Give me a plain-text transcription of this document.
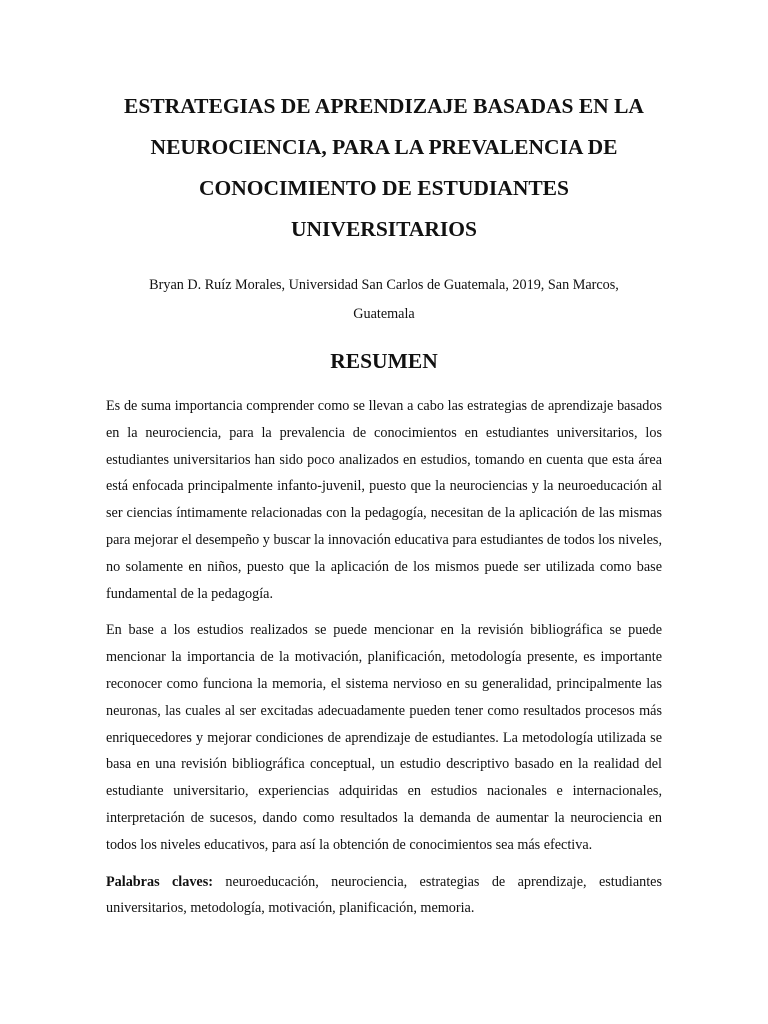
ESTRATEGIAS DE APRENDIZAJE BASADAS EN LA
NEUROCIENCIA, PARA LA PREVALENCIA DE
CONOCIMIENTO DE ESTUDIANTES
UNIVERSITARIOS

Bryan D. Ruíz Morales, Universidad San Carlos de Guatemala, 2019, San Marcos,
Guatemala

RESUMEN

Es de suma importancia comprender como se llevan a cabo las estrategias de aprendizaje basados en la neurociencia, para la prevalencia de conocimientos en estudiantes universitarios, los estudiantes universitarios han sido poco analizados en estudios, tomando en cuenta que esta área está enfocada principalmente infanto-juvenil, puesto que la neurociencias y la neuroeducación al ser ciencias íntimamente relacionadas con la pedagogía, necesitan de la aplicación de las mismas para mejorar el desempeño y buscar la innovación educativa para estudiantes de todos los niveles, no solamente en niños, puesto que la aplicación de los mismos puede ser utilizada como base fundamental de la pedagogía.

En base a los estudios realizados se puede mencionar en la revisión bibliográfica se puede mencionar la importancia de la motivación, planificación, metodología presente, es importante reconocer como funciona la memoria, el sistema nervioso en su generalidad, principalmente las neuronas, las cuales al ser excitadas adecuadamente pueden tener como resultados procesos más enriquecedores y mejorar condiciones de aprendizaje de estudiantes. La metodología utilizada se basa en una revisión bibliográfica conceptual, un estudio descriptivo basado en la realidad del estudiante universitario, experiencias adquiridas en estudios nacionales e internacionales, interpretación de sucesos, dando como resultados la demanda de aumentar la neurociencia en todos los niveles educativos, para así la obtención de conocimientos sea más efectiva.

Palabras claves: neuroeducación, neurociencia, estrategias de aprendizaje, estudiantes universitarios, metodología, motivación, planificación, memoria.
